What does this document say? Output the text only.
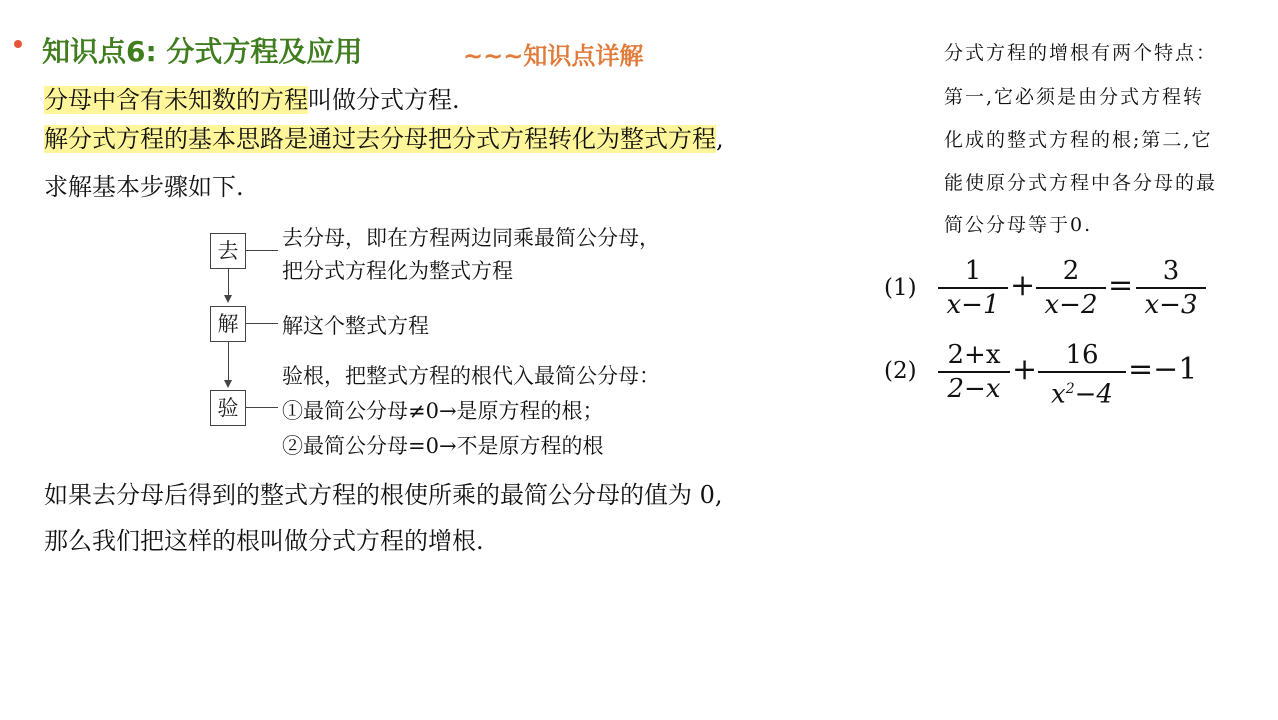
知识点6: 分式方程及应用	~~~知识点详解
分母中含有未知数的方程叫做分式方程.
解分式方程的基本思路是通过去分母把分式方程转化为整式方程,
求解基本步骤如下.
去
去分母，即在方程两边同乘最简公分母，
把分式方程化为整式方程
解	解这个整式方程
验
验根，把整式方程的根代入最简公分母：
①最简公分母≠0→是原方程的根；
②最简公分母=0→不是原方程的根
如果去分母后得到的整式方程的根使所乘的最简公分母的值为 0,
那么我们把这样的根叫做分式方程的增根.
分式方程的增根有两个特点：
第一,它必须是由分式方程转
化成的整式方程的根;第二,它
能使原分式方程中各分母的最
简公分母等于0.
(1)
1
x−1
+	2
x−2
=	3
x−3
(2)
2+x
2−x
+	16
$x^2-4$
=−1
